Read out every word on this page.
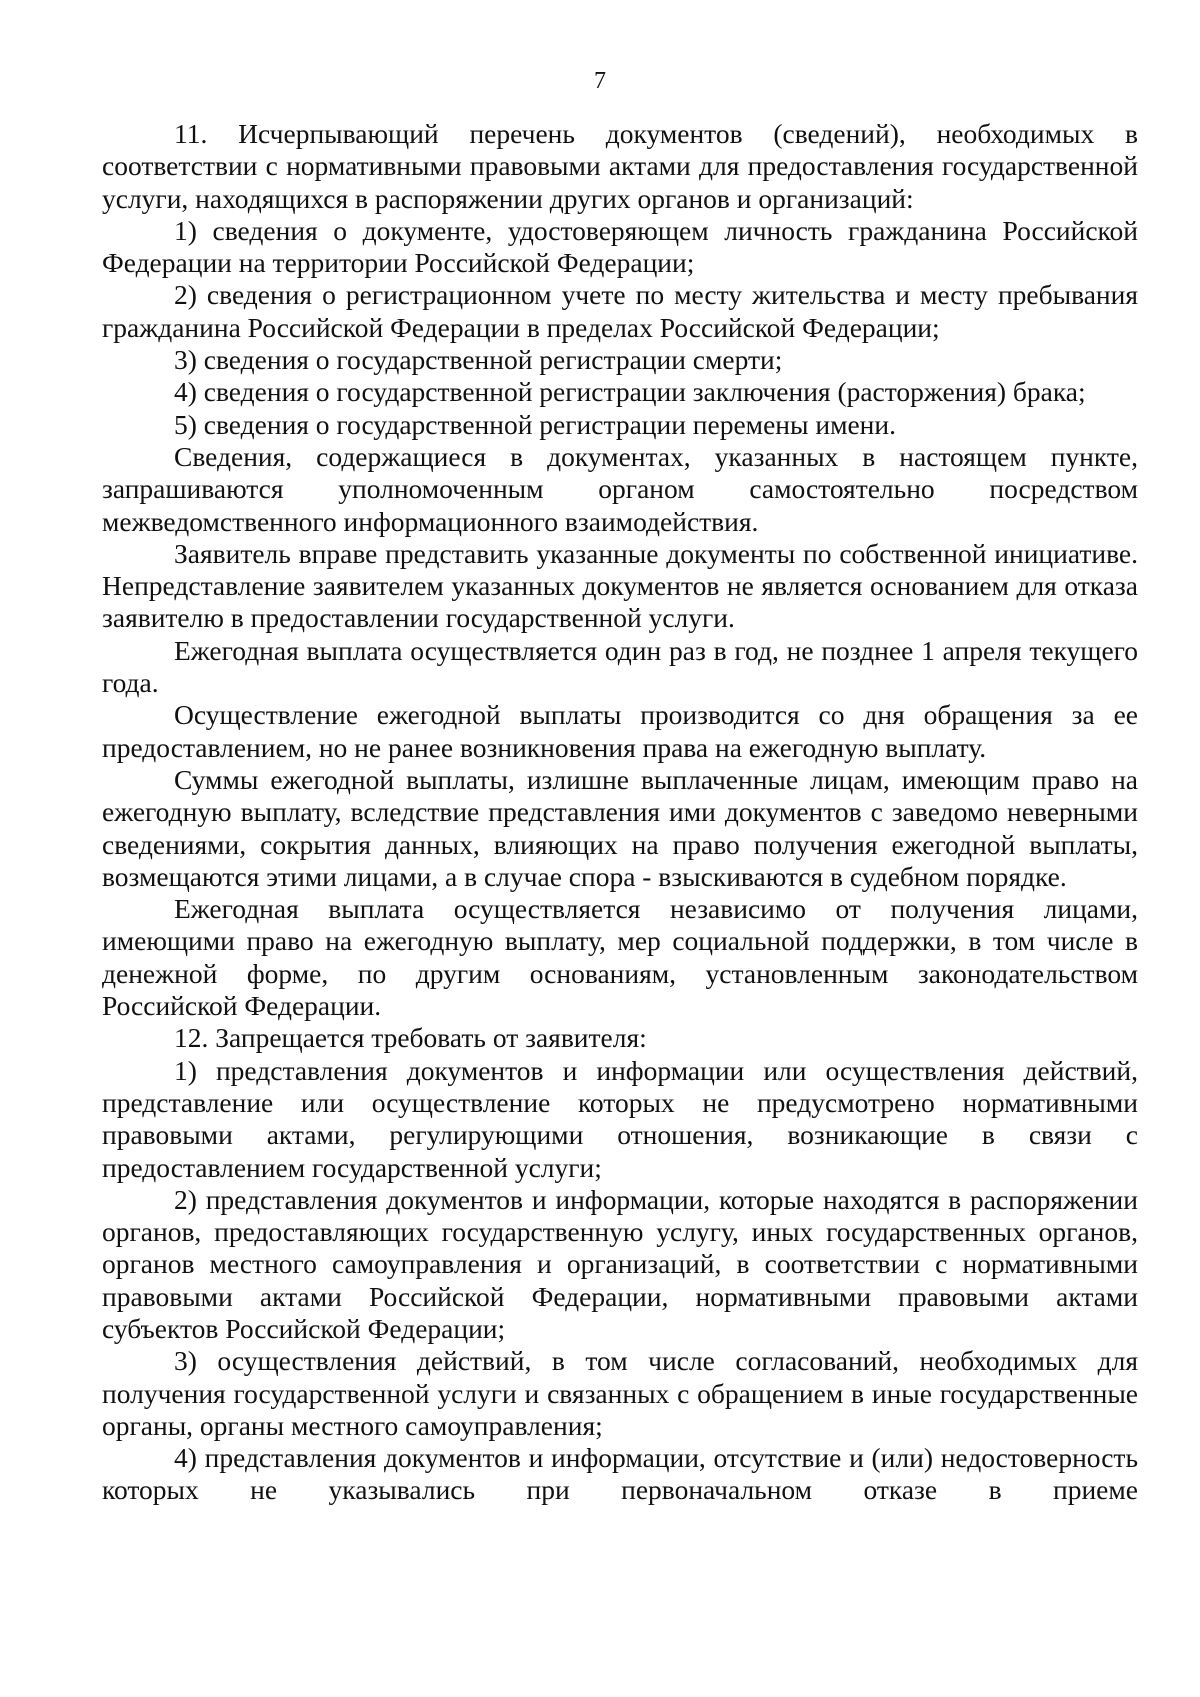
7

11. Исчерпывающий перечень документов (сведений), необходимых в соответствии с нормативными правовыми актами для предоставления государственной услуги, находящихся в распоряжении других органов и организаций:

1) сведения о документе, удостоверяющем личность гражданина Российской Федерации на территории Российской Федерации;

2) сведения о регистрационном учете по месту жительства и месту пребывания гражданина Российской Федерации в пределах Российской Федерации;

3) сведения о государственной регистрации смерти;

4) сведения о государственной регистрации заключения (расторжения) брака;

5) сведения о государственной регистрации перемены имени.

Сведения, содержащиеся в документах, указанных в настоящем пункте, запрашиваются уполномоченным органом самостоятельно посредством межведомственного информационного взаимодействия.

Заявитель вправе представить указанные документы по собственной инициативе. Непредставление заявителем указанных документов не является основанием для отказа заявителю в предоставлении государственной услуги.

Ежегодная выплата осуществляется один раз в год, не позднее 1 апреля текущего года.

Осуществление ежегодной выплаты производится со дня обращения за ее предоставлением, но не ранее возникновения права на ежегодную выплату.

Суммы ежегодной выплаты, излишне выплаченные лицам, имеющим право на ежегодную выплату, вследствие представления ими документов с заведомо неверными сведениями, сокрытия данных, влияющих на право получения ежегодной выплаты, возмещаются этими лицами, а в случае спора - взыскиваются в судебном порядке.

Ежегодная выплата осуществляется независимо от получения лицами, имеющими право на ежегодную выплату, мер социальной поддержки, в том числе в денежной форме, по другим основаниям, установленным законодательством Российской Федерации.

12. Запрещается требовать от заявителя:

1) представления документов и информации или осуществления действий, представление или осуществление которых не предусмотрено нормативными правовыми актами, регулирующими отношения, возникающие в связи с предоставлением государственной услуги;

2) представления документов и информации, которые находятся в распоряжении органов, предоставляющих государственную услугу, иных государственных органов, органов местного самоуправления и организаций, в соответствии с нормативными правовыми актами Российской Федерации, нормативными правовыми актами субъектов Российской Федерации;

3) осуществления действий, в том числе согласований, необходимых для получения государственной услуги и связанных с обращением в иные государственные органы, органы местного самоуправления;

4) представления документов и информации, отсутствие и (или) недостоверность которых не указывались при первоначальном отказе в приеме
